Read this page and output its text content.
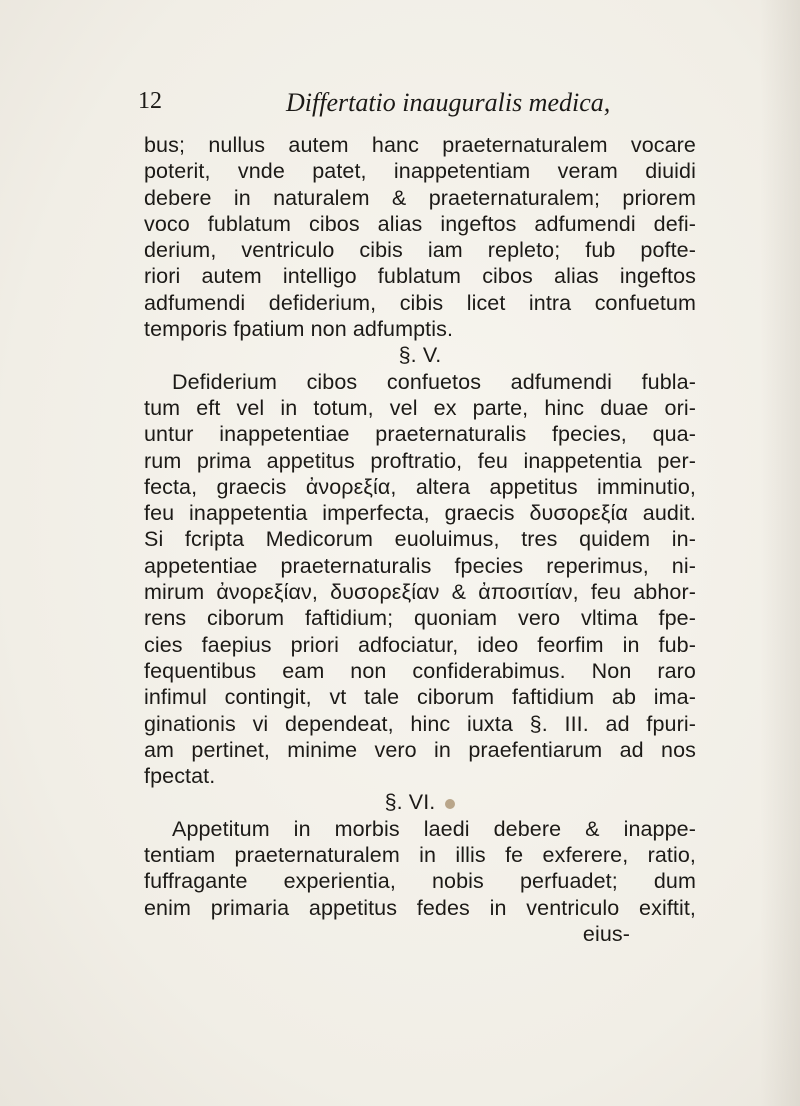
12	Differtatio inauguralis medica,
bus; nullus autem hanc praeternaturalem vocare
poterit, vnde patet, inappetentiam veram diuidi
debere in naturalem & praeternaturalem; priorem
voco fublatum cibos alias ingeftos adfumendi defi-
derium, ventriculo cibis iam repleto; fub pofte-
riori autem intelligo fublatum cibos alias ingeftos
adfumendi defiderium, cibis licet intra confuetum
temporis fpatium non adfumptis.
§. V.
Defiderium cibos confuetos adfumendi fubla-
tum eft vel in totum, vel ex parte, hinc duae ori-
untur inappetentiae praeternaturalis fpecies, qua-
rum prima appetitus proftratio, feu inappetentia per-
fecta, graecis ἀνορεξία, altera appetitus imminutio,
feu inappetentia imperfecta, graecis δυσορεξία audit.
Si fcripta Medicorum euoluimus, tres quidem in-
appetentiae praeternaturalis fpecies reperimus, ni-
mirum ἀνορεξίαν, δυσορεξίαν & ἀποσιτίαν, feu abhor-
rens ciborum faftidium; quoniam vero vltima fpe-
cies faepius priori adfociatur, ideo feorfim in fub-
fequentibus eam non confiderabimus. Non raro
infimul contingit, vt tale ciborum faftidium ab ima-
ginationis vi dependeat, hinc iuxta §. III. ad fpuri-
am pertinet, minime vero in praefentiarum ad nos
fpectat.
§. VI.
Appetitum in morbis laedi debere & inappe-
tentiam praeternaturalem in illis fe exferere, ratio,
fuffragante experientia, nobis perfuadet; dum
enim primaria appetitus fedes in ventriculo exiftit,
eius-
